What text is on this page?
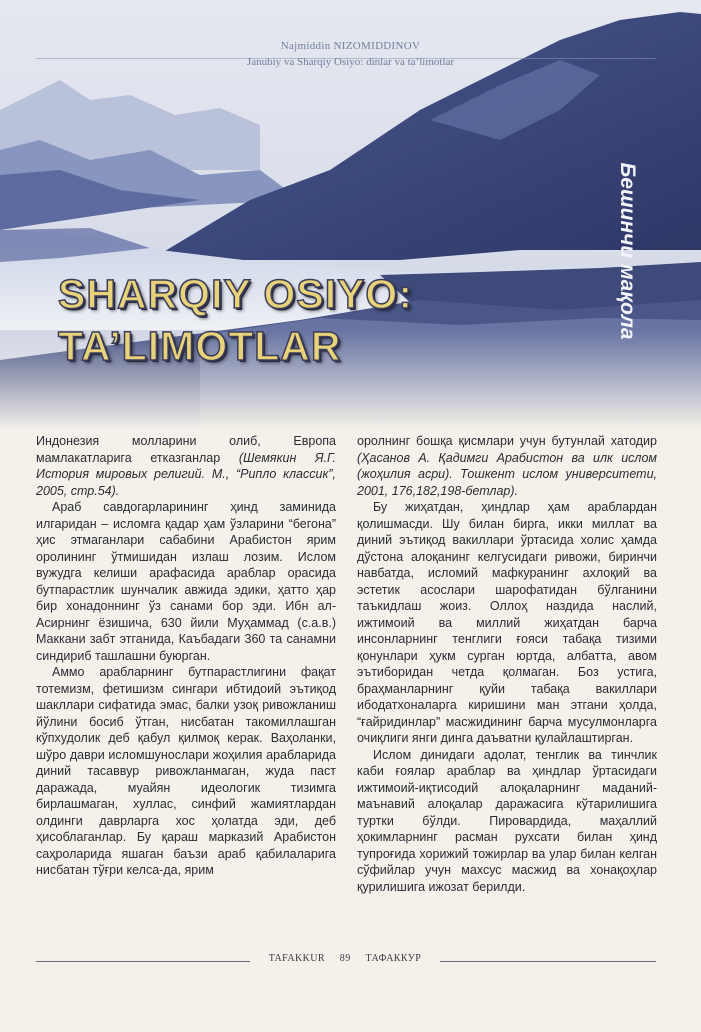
Najmiddin NIZOMIDDINOV
Janubiy va Sharqiy Osiyo: dinlar va ta’limotlar
Бешинчи мақола
SHARQIY OSIYO:
TA’LIMOTLAR

Индонезия молларини олиб, Европа мамлакатларига етказганлар (Шемякин Я.Г. История мировых религий. М., “Рипло классик”, 2005, стр.54).

Араб савдогарларининг ҳинд заминида илгаридан – исломга қадар ҳам ўзларини “бегона” ҳис этмаганлари сабабини Арабистон ярим оролининг ўтмишидан излаш лозим. Ислом вужудга келиши арафасида араблар орасида бутпарастлик шунчалик авжида эдики, ҳатто ҳар бир хонадоннинг ўз санами бор эди. Ибн ал-Асирнинг ёзишича, 630 йили Муҳаммад (с.а.в.) Маккани забт этганида, Каъбадаги 360 та санамни синдириб ташлашни буюрган.

Аммо арабларнинг бутпарастлигини фақат тотемизм, фетишизм сингари ибтидоий эътиқод шакллари сифатида эмас, балки узоқ ривожланиш йўлини босиб ўтган, нисбатан такомиллашган кўпхудолик деб қабул қилмоқ керак. Ваҳоланки, шўро даври исломшунослари жоҳилия арабларида диний тасаввур ривожланмаган, жуда паст даражада, муайян идеологик тизимга бирлашмаган, хуллас, синфий жамиятлардан олдинги даврларга хос ҳолатда эди, деб ҳисоблаганлар. Бу қараш марказий Арабистон саҳроларида яшаган баъзи араб қабилаларига нисбатан тўғри келса-да, ярим

оролнинг бошқа қисмлари учун бутунлай хатодир (Ҳасанов А. Қадимги Арабистон ва илк ислом (жоҳилия асри). Тошкент ислом университети, 2001, 176,182,198-бетлар).

Бу жиҳатдан, ҳиндлар ҳам араблардан қолишмасди. Шу билан бирга, икки миллат ва диний эътиқод вакиллари ўртасида холис ҳамда дўстона алоқанинг келгусидаги ривожи, биринчи навбатда, исломий мафкуранинг ахлоқий ва эстетик асослари шарофатидан бўлганини таъкидлаш жоиз. Оллоҳ наздида наслий, ижтимоий ва миллий жиҳатдан барча инсонларнинг тенглиги ғояси табақа тизими қонунлари ҳукм сурган юртда, албатта, авом эътиборидан четда қолмаган. Боз устига, браҳманларнинг қуйи табақа вакиллари ибодатхоналарга киришини ман этгани ҳолда, “ғайридинлар” масжидининг барча мусулмонларга очиқлиги янги динга даъватни қулайлаштирган.

Ислом динидаги адолат, тенглик ва тинчлик каби ғоялар араблар ва ҳиндлар ўртасидаги ижтимоий-иқтисодий алоқаларнинг маданий-маънавий алоқалар даражасига кўтарилишига туртки бўлди. Пировардида, маҳаллий ҳокимларнинг расман рухсати билан ҳинд тупроғида хорижий тожирлар ва улар билан келган сўфийлар учун махсус масжид ва хонақоҳлар қурилишига ижозат берилди.

TAFAKKUR 89 ТАФАККУР
